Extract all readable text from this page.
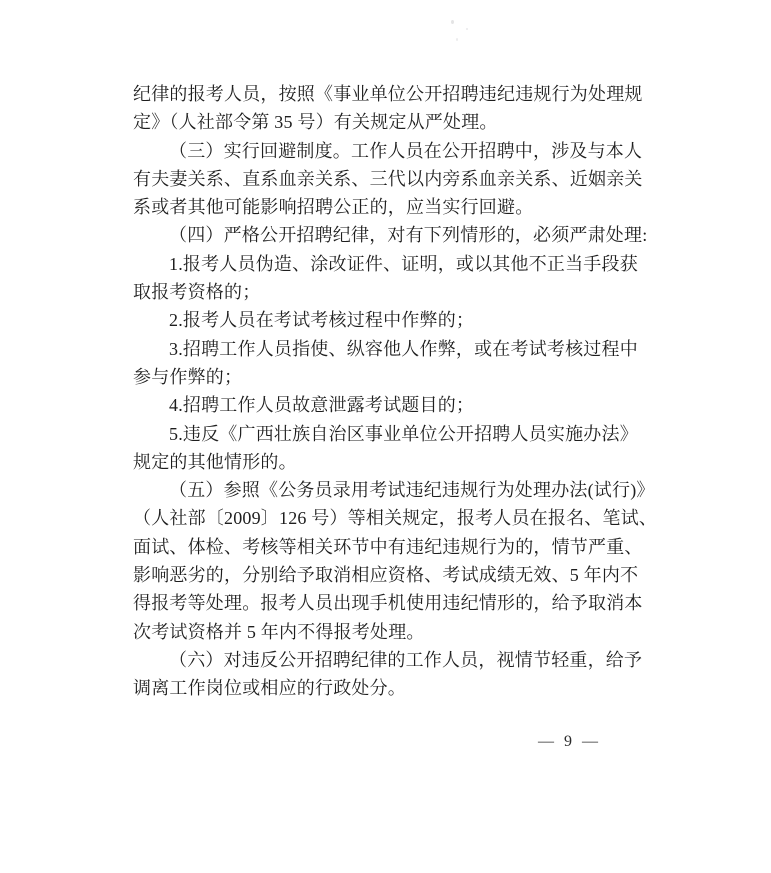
纪律的报考人员，按照《事业单位公开招聘违纪违规行为处理规
定》（人社部令第 35 号）有关规定从严处理。
（三）实行回避制度。工作人员在公开招聘中，涉及与本人
有夫妻关系、直系血亲关系、三代以内旁系血亲关系、近姻亲关
系或者其他可能影响招聘公正的，应当实行回避。
（四）严格公开招聘纪律，对有下列情形的，必须严肃处理:
1.报考人员伪造、涂改证件、证明，或以其他不正当手段获
取报考资格的；
2.报考人员在考试考核过程中作弊的；
3.招聘工作人员指使、纵容他人作弊，或在考试考核过程中
参与作弊的；
4.招聘工作人员故意泄露考试题目的；
5.违反《广西壮族自治区事业单位公开招聘人员实施办法》
规定的其他情形的。
（五）参照《公务员录用考试违纪违规行为处理办法(试行)》
（人社部〔2009〕126 号）等相关规定，报考人员在报名、笔试、
面试、体检、考核等相关环节中有违纪违规行为的，情节严重、
影响恶劣的，分别给予取消相应资格、考试成绩无效、5 年内不
得报考等处理。报考人员出现手机使用违纪情形的，给予取消本
次考试资格并 5 年内不得报考处理。
（六）对违反公开招聘纪律的工作人员，视情节轻重，给予
调离工作岗位或相应的行政处分。
— 9 —
